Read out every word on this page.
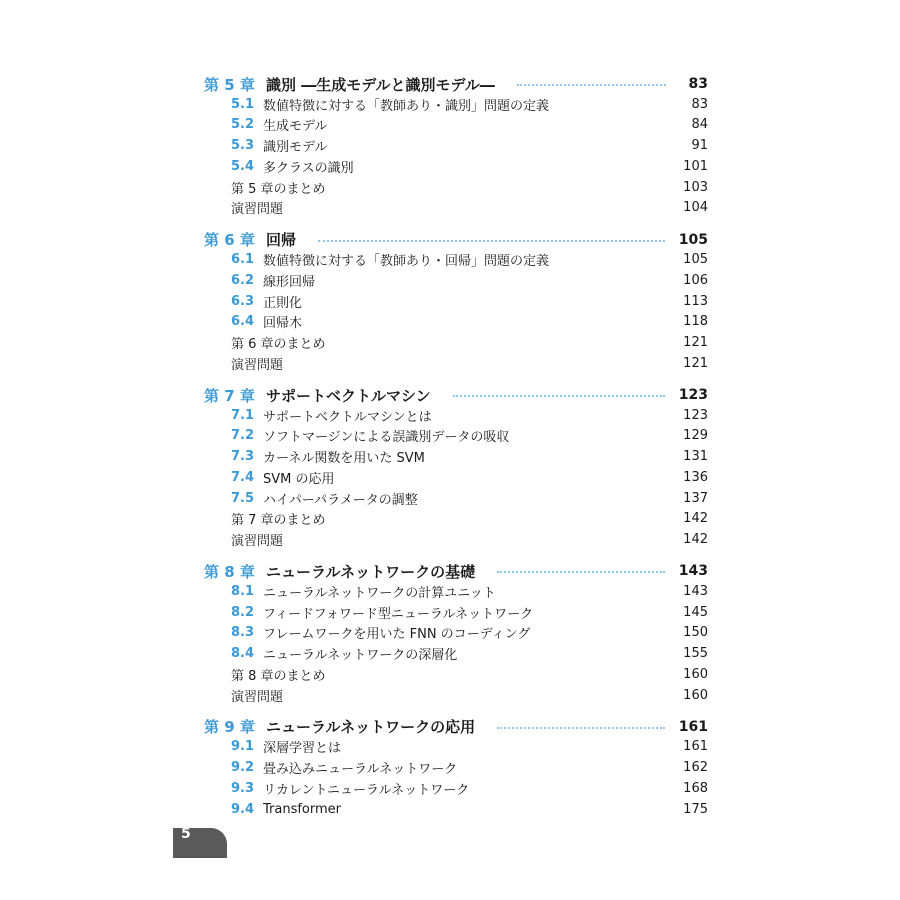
第 5 章 識別 ―生成モデルと識別モデル―	83
5.1 数値特徴に対する「教師あり・識別」問題の定義	83
5.2 生成モデル	84
5.3 識別モデル	91
5.4 多クラスの識別	101
第 5 章のまとめ	103
演習問題	104
第 6 章 回帰	105
6.1 数値特徴に対する「教師あり・回帰」問題の定義	105
6.2 線形回帰	106
6.3 正則化	113
6.4 回帰木	118
第 6 章のまとめ	121
演習問題	121
第 7 章 サポートベクトルマシン	123
7.1 サポートベクトルマシンとは	123
7.2 ソフトマージンによる誤識別データの吸収	129
7.3 カーネル関数を用いた SVM	131
7.4 SVM の応用	136
7.5 ハイパーパラメータの調整	137
第 7 章のまとめ	142
演習問題	142
第 8 章 ニューラルネットワークの基礎	143
8.1 ニューラルネットワークの計算ユニット	143
8.2 フィードフォワード型ニューラルネットワーク	145
8.3 フレームワークを用いた FNN のコーディング	150
8.4 ニューラルネットワークの深層化	155
第 8 章のまとめ	160
演習問題	160
第 9 章 ニューラルネットワークの応用	161
9.1 深層学習とは	161
9.2 畳み込みニューラルネットワーク	162
9.3 リカレントニューラルネットワーク	168
9.4 Transformer	175
5
